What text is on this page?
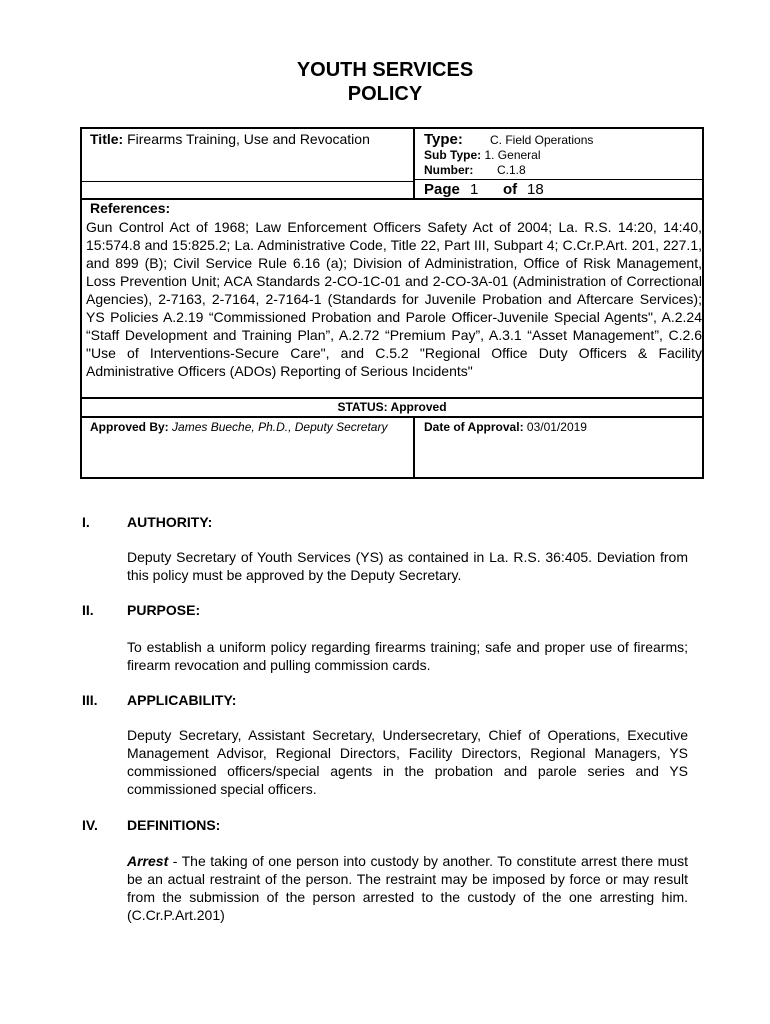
YOUTH SERVICES
POLICY
Title: Firearms Training, Use and Revocation	Type: C. Field Operations
Sub Type: 1. General
Number: C.1.8
Page 1 of 18
References:
Gun Control Act of 1968; Law Enforcement Officers Safety Act of 2004; La. R.S. 14:20, 14:40, 15:574.8 and 15:825.2; La. Administrative Code, Title 22, Part III, Subpart 4; C.Cr.P.Art. 201, 227.1, and 899 (B); Civil Service Rule 6.16 (a); Division of Administration, Office of Risk Management, Loss Prevention Unit; ACA Standards 2-CO-1C-01 and 2-CO-3A-01 (Administration of Correctional Agencies), 2-7163, 2-7164, 2-7164-1 (Standards for Juvenile Probation and Aftercare Services); YS Policies A.2.19 “Commissioned Probation and Parole Officer-Juvenile Special Agents", A.2.24 “Staff Development and Training Plan”, A.2.72 “Premium Pay”, A.3.1 “Asset Management”, C.2.6 "Use of Interventions-Secure Care", and C.5.2 "Regional Office Duty Officers & Facility Administrative Officers (ADOs) Reporting of Serious Incidents"
STATUS: Approved
Approved By: James Bueche, Ph.D., Deputy Secretary	Date of Approval: 03/01/2019
I.	AUTHORITY:
Deputy Secretary of Youth Services (YS) as contained in La. R.S. 36:405. Deviation from this policy must be approved by the Deputy Secretary.
II. PURPOSE:
To establish a uniform policy regarding firearms training; safe and proper use of firearms; firearm revocation and pulling commission cards.
III. APPLICABILITY:
Deputy Secretary, Assistant Secretary, Undersecretary, Chief of Operations, Executive Management Advisor, Regional Directors, Facility Directors, Regional Managers, YS commissioned officers/special agents in the probation and parole series and YS commissioned special officers.
IV. DEFINITIONS:
Arrest - The taking of one person into custody by another. To constitute arrest there must be an actual restraint of the person. The restraint may be imposed by force or may result from the submission of the person arrested to the custody of the one arresting him. (C.Cr.P.Art.201)
